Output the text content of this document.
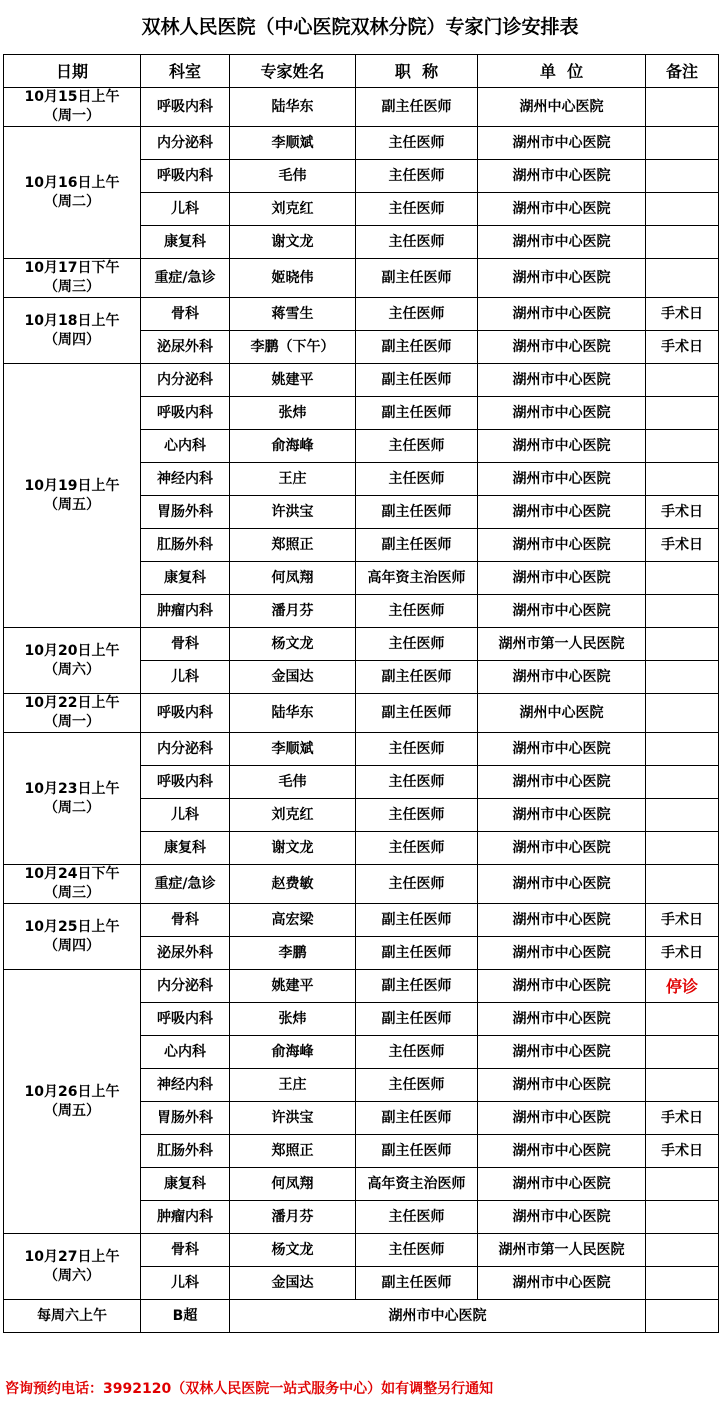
双林人民医院（中心医院双林分院）专家门诊安排表
日期	科室	专家姓名	职  称	单  位	备注

10月15日上午
（周一）	呼吸内科	陆华东	副主任医师	湖州中心医院	

10月16日上午
（周二）	内分泌科	李顺斌	主任医师	湖州市中心医院	
	呼吸内科	毛伟	主任医师	湖州市中心医院	
	儿科	刘克红	主任医师	湖州市中心医院	
	康复科	谢文龙	主任医师	湖州市中心医院	

10月17日下午
（周三）	重症/急诊	姬晓伟	副主任医师	湖州市中心医院	

10月18日上午
（周四）	骨科	蒋雪生	主任医师	湖州市中心医院	手术日
	泌尿外科	李鹏（下午）	副主任医师	湖州市中心医院	手术日

10月19日上午
（周五）	内分泌科	姚建平	副主任医师	湖州市中心医院	
	呼吸内科	张炜	副主任医师	湖州市中心医院	
	心内科	俞海峰	主任医师	湖州市中心医院	
	神经内科	王庄	主任医师	湖州市中心医院	
	胃肠外科	许洪宝	副主任医师	湖州市中心医院	手术日
	肛肠外科	郑照正	副主任医师	湖州市中心医院	手术日
	康复科	何凤翔	高年资主治医师	湖州市中心医院	
	肿瘤内科	潘月芬	主任医师	湖州市中心医院	

10月20日上午
（周六）	骨科	杨文龙	主任医师	湖州市第一人民医院	
	儿科	金国达	副主任医师	湖州市中心医院	

10月22日上午
（周一）	呼吸内科	陆华东	副主任医师	湖州中心医院	

10月23日上午
（周二）	内分泌科	李顺斌	主任医师	湖州市中心医院	
	呼吸内科	毛伟	主任医师	湖州市中心医院	
	儿科	刘克红	主任医师	湖州市中心医院	
	康复科	谢文龙	主任医师	湖州市中心医院	

10月24日下午
（周三）	重症/急诊	赵费敏	主任医师	湖州市中心医院	

10月25日上午
（周四）	骨科	高宏梁	副主任医师	湖州市中心医院	手术日
	泌尿外科	李鹏	副主任医师	湖州市中心医院	手术日

10月26日上午
（周五）	内分泌科	姚建平	副主任医师	湖州市中心医院	停诊
	呼吸内科	张炜	副主任医师	湖州市中心医院	
	心内科	俞海峰	主任医师	湖州市中心医院	
	神经内科	王庄	主任医师	湖州市中心医院	
	胃肠外科	许洪宝	副主任医师	湖州市中心医院	手术日
	肛肠外科	郑照正	副主任医师	湖州市中心医院	手术日
	康复科	何凤翔	高年资主治医师	湖州市中心医院	
	肿瘤内科	潘月芬	主任医师	湖州市中心医院	

10月27日上午
（周六）	骨科	杨文龙	主任医师	湖州市第一人民医院	
	儿科	金国达	副主任医师	湖州市中心医院	
每周六上午	B超	湖州市中心医院			
咨询预约电话：3992120（双林人民医院一站式服务中心）如有调整另行通知
